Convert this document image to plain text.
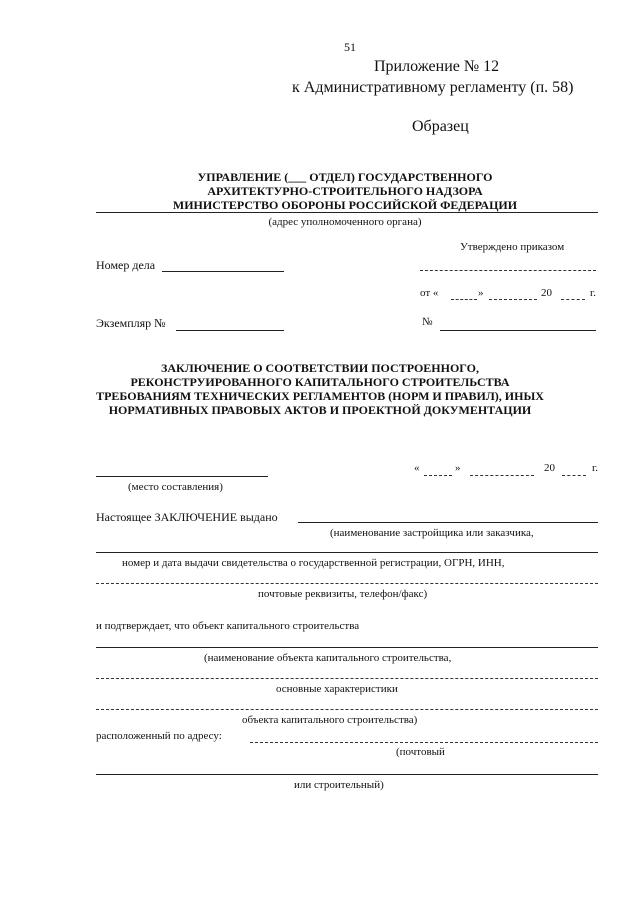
51
Приложение № 12
к Административному регламенту (п. 58)
Образец
УПРАВЛЕНИЕ (___ ОТДЕЛ) ГОСУДАРСТВЕННОГО
АРХИТЕКТУРНО-СТРОИТЕЛЬНОГО НАДЗОРА
МИНИСТЕРСТВО ОБОРОНЫ РОССИЙСКОЙ ФЕДЕРАЦИИ
(адрес уполномоченного органа)
Утверждено приказом
Номер дела
от «	»	20	г.
Экземпляр №	№
ЗАКЛЮЧЕНИЕ О СООТВЕТСТВИИ ПОСТРОЕННОГО,
РЕКОНСТРУИРОВАННОГО КАПИТАЛЬНОГО СТРОИТЕЛЬСТВА
ТРЕБОВАНИЯМ ТЕХНИЧЕСКИХ РЕГЛАМЕНТОВ (НОРМ И ПРАВИЛ), ИНЫХ
НОРМАТИВНЫХ ПРАВОВЫХ АКТОВ И ПРОЕКТНОЙ ДОКУМЕНТАЦИИ
«	»	20	г.
(место составления)
Настоящее ЗАКЛЮЧЕНИЕ выдано
(наименование застройщика или заказчика,
номер и дата выдачи свидетельства о государственной регистрации, ОГРН, ИНН,
почтовые реквизиты, телефон/факс)
и подтверждает, что объект капитального строительства
(наименование объекта капитального строительства,
основные характеристики
объекта капитального строительства)
расположенный по адресу:
(почтовый
или строительный)
